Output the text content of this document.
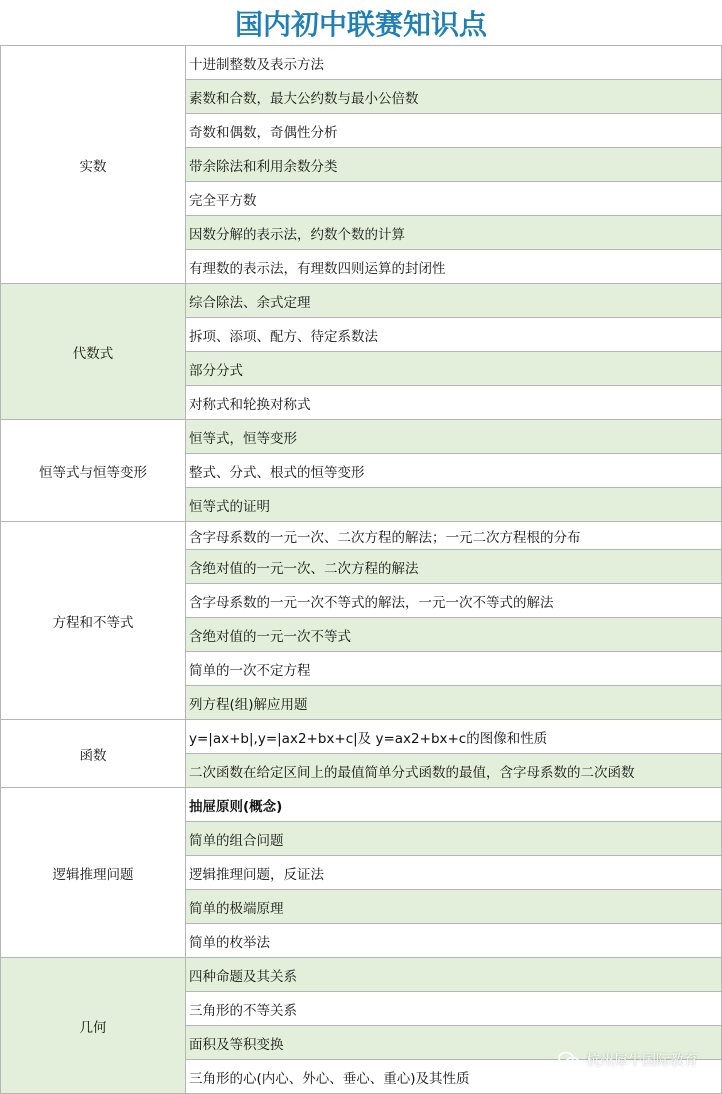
国内初中联赛知识点
实数	十进制整数及表示方法
	素数和合数，最大公约数与最小公倍数
	奇数和偶数，奇偶性分析
	带余除法和利用余数分类
	完全平方数
	因数分解的表示法，约数个数的计算
	有理数的表示法，有理数四则运算的封闭性
代数式	综合除法、余式定理
	拆项、添项、配方、待定系数法
	部分分式
	对称式和轮换对称式
恒等式与恒等变形	恒等式，恒等变形
	整式、分式、根式的恒等变形
	恒等式的证明
方程和不等式	含字母系数的一元一次、二次方程的解法；一元二次方程根的分布
	含绝对值的一元一次、二次方程的解法
	含字母系数的一元一次不等式的解法，一元一次不等式的解法
	含绝对值的一元一次不等式
	简单的一次不定方程
	列方程(组)解应用题
函数	y=|ax+b|,y=|ax2+bx+c|及 y=ax2+bx+c的图像和性质
	二次函数在给定区间上的最值简单分式函数的最值，含字母系数的二次函数
逻辑推理问题	抽屉原则(概念)
	简单的组合问题
	逻辑推理问题，反证法
	简单的极端原理
	简单的枚举法
几何	四种命题及其关系
	三角形的不等关系
	面积及等积变换
	三角形的心(内心、外心、垂心、重心)及其性质
杭州犀牛国际教育
